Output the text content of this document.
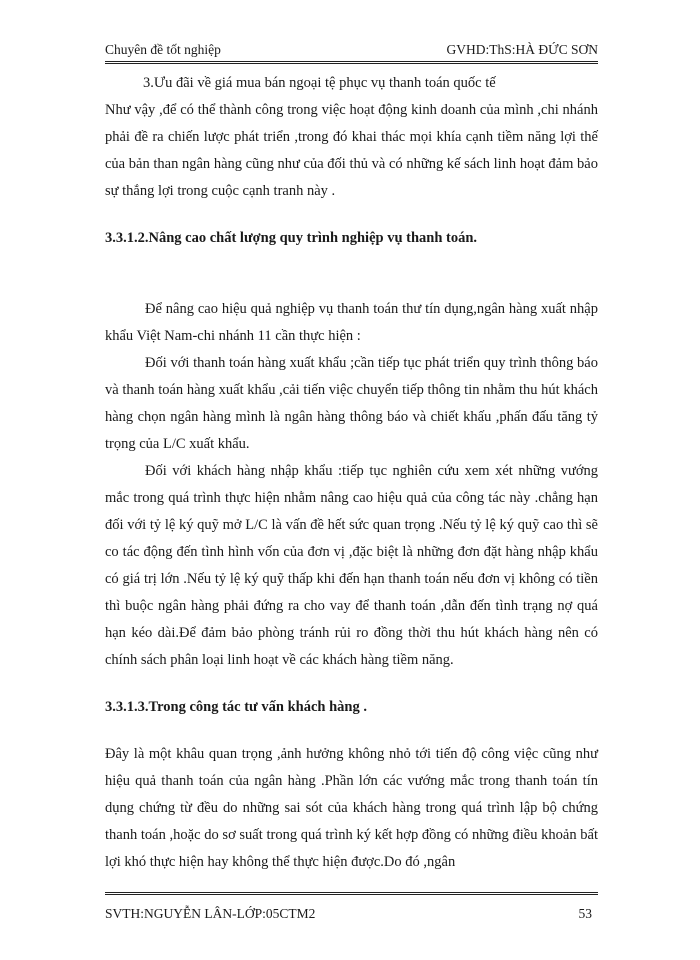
Chuyên đề tốt nghiệp	GVHD:ThS:HÀ ĐỨC SƠN

3.Ưu đãi về giá mua bán ngoại tệ phục vụ thanh toán quốc tế

Như vậy ,để có thể thành công trong việc hoạt động kinh doanh của mình ,chi nhánh phải đề ra chiến lược phát triển ,trong đó khai thác mọi khía cạnh tiềm năng lợi thế của bản than ngân hàng cũng như của đối thủ và có những kế sách linh hoạt đảm bảo sự thắng lợi trong cuộc cạnh tranh này .

3.3.1.2.Nâng cao chất lượng quy trình nghiệp vụ thanh toán.

Để nâng cao hiệu quả nghiệp vụ thanh toán thư tín dụng,ngân hàng xuất nhập khẩu Việt Nam-chi nhánh 11 cần thực hiện :

Đối với thanh toán hàng xuất khẩu ;cần tiếp tục phát triển quy trình thông báo và thanh toán hàng xuất khẩu ,cải tiến việc chuyển tiếp thông tin nhằm thu hút khách hàng chọn ngân hàng mình là ngân hàng thông báo và chiết khấu ,phấn đấu tăng tỷ trọng của L/C xuất khẩu.

Đối với khách hàng nhập khẩu :tiếp tục nghiên cứu xem xét những vướng mắc trong quá trình thực hiện nhằm nâng cao hiệu quả của công tác này .chẳng hạn đối với tỷ lệ ký quỹ mở L/C là vấn đề hết sức quan trọng .Nếu tỷ lệ ký quỹ cao thì sẽ co tác động đến tình hình vốn của đơn vị ,đặc biệt là những đơn đặt hàng nhập khẩu có giá trị lớn .Nếu tỷ lệ ký quỹ thấp khi đến hạn thanh toán nếu đơn vị không có tiền thì buộc ngân hàng phải đứng ra cho vay để thanh toán ,dẫn đến tình trạng nợ quá hạn kéo dài.Để đảm bảo phòng tránh rủi ro đồng thời thu hút khách hàng nên có chính sách phân loại linh hoạt về các khách hàng tiềm năng.

3.3.1.3.Trong công tác tư vấn khách hàng .

Đây là một khâu quan trọng ,ảnh hưởng không nhỏ tới tiến độ công việc cũng như hiệu quả thanh toán của ngân hàng .Phần lớn các vướng mắc trong thanh toán tín dụng chứng từ đều do những sai sót của khách hàng trong quá trình lập bộ chứng thanh toán ,hoặc do sơ suất trong quá trình ký kết hợp đồng có những điều khoản bất lợi khó thực hiện hay không thể thực hiện được.Do đó ,ngân

SVTH:NGUYỄN LÂN-LỚP:05CTM2	53
